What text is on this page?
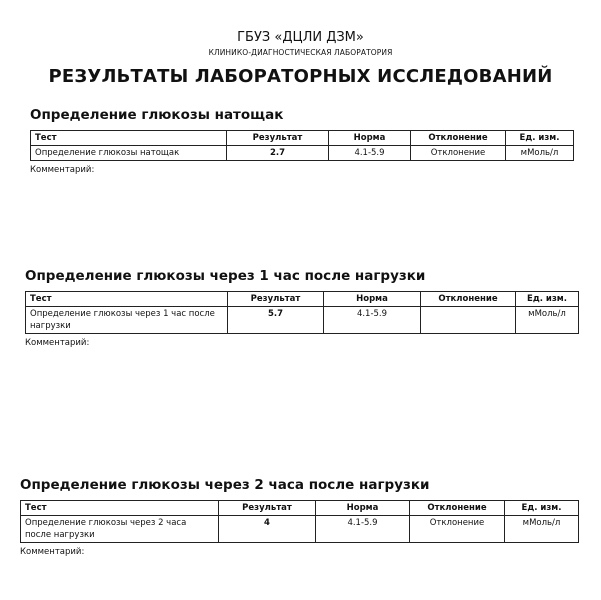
ГБУЗ «ДЦЛИ ДЗМ»
КЛИНИКО-ДИАГНОСТИЧЕСКАЯ ЛАБОРАТОРИЯ
РЕЗУЛЬТАТЫ ЛАБОРАТОРНЫХ ИССЛЕДОВАНИЙ
Определение глюкозы натощак
Тест	Результат	Норма	Отклонение	Ед. изм.
Определение глюкозы натощак	2.7	4.1-5.9	Отклонение	мМоль/л
Комментарий:
Определение глюкозы через 1 час после нагрузки
Тест	Результат	Норма	Отклонение	Ед. изм.
Определение глюкозы через 1 час после нагрузки	5.7	4.1-5.9		мМоль/л
Комментарий:
Определение глюкозы через 2 часа после нагрузки
Тест	Результат	Норма	Отклонение	Ед. изм.
Определение глюкозы через 2 часа после нагрузки	4	4.1-5.9	Отклонение	мМоль/л
Комментарий:
